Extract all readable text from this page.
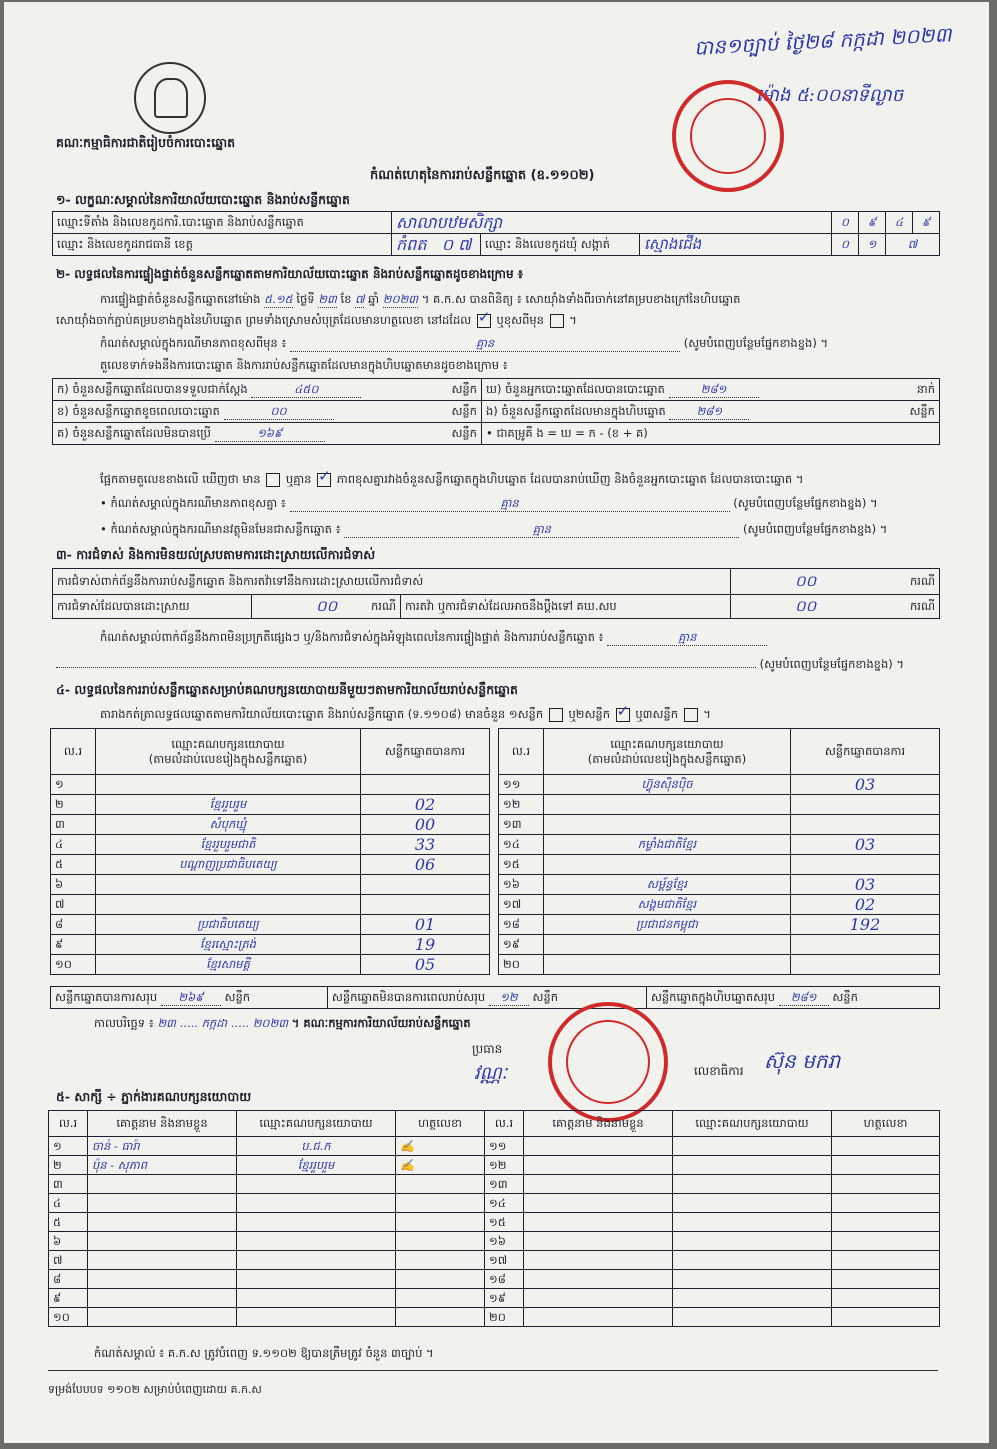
គណៈកម្មាធិការជាតិរៀបចំការបោះឆ្នោត
កំណត់ហេតុនៃការរាប់សន្លឹកឆ្នោត (ឧ.១១០២)
បាន១ច្បាប់ ថ្ងៃ២៨ កក្កដា ២០២៣
ម៉ោង ៥:០០នាទីល្ងាច
១- លក្ខណៈសម្គាល់នៃការិយាល័យបោះឆ្នោត និងរាប់សន្លឹកឆ្នោត
ឈ្មោះទីតាំង និងលេខកូដការិ.បោះឆ្នោត និងរាប់សន្លឹកឆ្នោត	សាលាបឋមសិក្សា			០	៩	៤	៩
ឈ្មោះ និងលេខកូដរាជធានី ខេត្ត	កំពត ០ ៧	ឈ្មោះ និងលេខកូដឃុំ សង្កាត់	ស្មោងជើង	០	១	៧	
២- លទ្ធផលនៃការផ្ទៀងផ្ទាត់ចំនួនសន្លឹកឆ្នោតតាមការិយាល័យបោះឆ្នោត និងរាប់សន្លឹកឆ្នោតដូចខាងក្រោម ៖
ការផ្ទៀងផ្ទាត់ចំនួនសន្លឹកឆ្នោតនៅម៉ោង ៥.១៥ ថ្ងៃទី ២៣ ខែ ៧ ឆ្នាំ ២០២៣ ។ គ.ក.ស បានពិនិត្យ ៖ សោយ៉ាំងទាំងពីរចាក់នៅគម្របខាងក្រៅនៃហិបឆ្នោត
សោយ៉ាំងចាក់ភ្ជាប់គម្របខាងក្នុងនៃហិបឆ្នោត ព្រមទាំងស្រោមសំបុត្រដែលមានហត្ថលេខា នៅដដែល ✓ ឬខុសពីមុន  ។
កំណត់សម្គាល់ក្នុងករណីមានភាពខុសពីមុន ៖	គ្មាន	(សូមបំពេញបន្ថែមផ្នែកខាងខ្នង) ។
តួលេខទាក់ទងនឹងការបោះឆ្នោត និងការរាប់សន្លឹកឆ្នោតដែលមានក្នុងហិបឆ្នោតមានដូចខាងក្រោម ៖
ក) ចំនួនសន្លឹកឆ្នោតដែលបានទទួលជាក់ស្តែង ៤៥០ សន្លឹក	ឃ) ចំនួនអ្នកបោះឆ្នោតដែលបានបោះឆ្នោត ២៨១ នាក់

ខ) ចំនួនសន្លឹកឆ្នោតខូចពេលបោះឆ្នោត ០០ សន្លឹក	ង) ចំនួនសន្លឹកឆ្នោតដែលមានក្នុងហិបឆ្នោត ២៨១ សន្លឹក

គ) ចំនួនសន្លឹកឆ្នោតដែលមិនបានប្រើ ១៦៩ សន្លឹក	• ជាគម្រូគឺ ង = ឃ = ក - (ខ + គ)
ផ្អែកតាមតួលេខខាងលើ ឃើញថា មាន ឬគ្មាន ✓ ភាពខុសគ្នារវាងចំនួនសន្លឹកឆ្នោតក្នុងហិបឆ្នោត ដែលបានរាប់ឃើញ និងចំនួនអ្នកបោះឆ្នោត ដែលបានបោះឆ្នោត ។
• កំណត់សម្គាល់ក្នុងករណីមានភាពខុសគ្នា ៖	គ្មាន	(សូមបំពេញបន្ថែមផ្នែកខាងខ្នង) ។
• កំណត់សម្គាល់ក្នុងករណីមានវត្ថុមិនមែនជាសន្លឹកឆ្នោត ៖	គ្មាន	(សូមបំពេញបន្ថែមផ្នែកខាងខ្នង) ។
៣- ការជំទាស់ និងការមិនយល់ស្របតាមការដោះស្រាយលើការជំទាស់
ការជំទាស់ពាក់ព័ន្ធនឹងការរាប់សន្លឹកឆ្នោត និងការតវ៉ាទៅនឹងការដោះស្រាយលើការជំទាស់			០០ ករណី

ការជំទាស់ដែលបានដោះស្រាយ	០០ ករណី	ការតវ៉ា ឬការជំទាស់ដែលអាចនឹងប្តឹងទៅ គឃ.សប	០០ ករណី
កំណត់សម្គាល់ពាក់ព័ន្ធនឹងភាពមិនប្រក្រតីផ្សេងៗ ឬ/និងការជំទាស់ក្នុងអំឡុងពេលនៃការផ្ទៀងផ្ទាត់ និងការរាប់សន្លឹកឆ្នោត ៖	គ្មាន
(សូមបំពេញបន្ថែមផ្នែកខាងខ្នង) ។
៤- លទ្ធផលនៃការរាប់សន្លឹកឆ្នោតសម្រាប់គណបក្សនយោបាយនីមួយៗតាមការិយាល័យរាប់សន្លឹកឆ្នោត
តារាងកត់ត្រាលទ្ធផលឆ្នោតតាមការិយាល័យបោះឆ្នោត និងរាប់សន្លឹកឆ្នោត (ទ.១១០៨) មានចំនួន ១សន្លឹក ឬ២សន្លឹក ✓ ឬ៣សន្លឹក  ។
ល.រ	ឈ្មោះគណបក្សនយោបាយ
(តាមលំដាប់លេខរៀងក្នុងសន្លឹកឆ្នោត)	សន្លឹកឆ្នោតបានការ
១		
២	ខ្មែររួបរួម	02
៣	សំបុកឃ្មុំ	00
៤	ខ្មែររួបរួមជាតិ	33
៥	បណ្ដាញប្រជាធិបតេយ្យ	06
៦		
៧		
៨	ប្រជាធិបតេយ្យ	01
៩	ខ្មែរស្មោះត្រង់	19
១០	ខ្មែរសាមគ្គី	05
ល.រ	ឈ្មោះគណបក្សនយោបាយ
(តាមលំដាប់លេខរៀងក្នុងសន្លឹកឆ្នោត)	សន្លឹកឆ្នោតបានការ
១១	ហ៊្វុនស៊ិនប៉ិច	03
១២		
១៣		
១៤	កម្លាំងជាតិខ្មែរ	03
១៥		
១៦	សម្ព័ន្ធខ្មែរ	03
១៧	សង្គមជាតិខ្មែរ	02
១៨	ប្រជាជនកម្ពុជា	192
១៩		
២០		
សន្លឹកឆ្នោតបានការសរុប ២៦៩ សន្លឹក	សន្លឹកឆ្នោតមិនបានការពេលរាប់សរុប ១២ សន្លឹក	សន្លឹកឆ្នោតក្នុងហិបឆ្នោតសរុប ២៨១ សន្លឹក
កាលបរិច្ឆេទ ៖ ២៣ ..... កក្កដា ..... ២០២៣ ។ គណៈកម្មការការិយាល័យរាប់សន្លឹកឆ្នោត
ប្រធាន
វណ្ណៈ	លេខាធិការ ស៊ុន មករា
៥- សាក្សី ÷ ភ្នាក់ងារគណបក្សនយោបាយ
ល.រ	គោត្តនាម និងនាមខ្លួន	ឈ្មោះគណបក្សនយោបាយ	ហត្ថលេខា	ល.រ	គោត្តនាម និងនាមខ្លួន	ឈ្មោះគណបក្សនយោបាយ	ហត្ថលេខា
១	ចាន់ - ធារ៉ា	ប.ជ.ក	✍	១១			
២	ប៉ុន - សុភាព	ខ្មែររួបរួម	✍	១២			
៣				១៣			
៤				១៤			
៥				១៥			
៦				១៦			
៧				១៧			
៨				១៨			
៩				១៩			
១០				២០			
កំណត់សម្គាល់ ៖ គ.ក.ស ត្រូវបំពេញ ទ.១១០២ ឱ្យបានត្រឹមត្រូវ ចំនួន ៣ច្បាប់ ។
ទម្រង់បែបបទ ១១០២ សម្រាប់បំពេញដោយ គ.ក.ស
